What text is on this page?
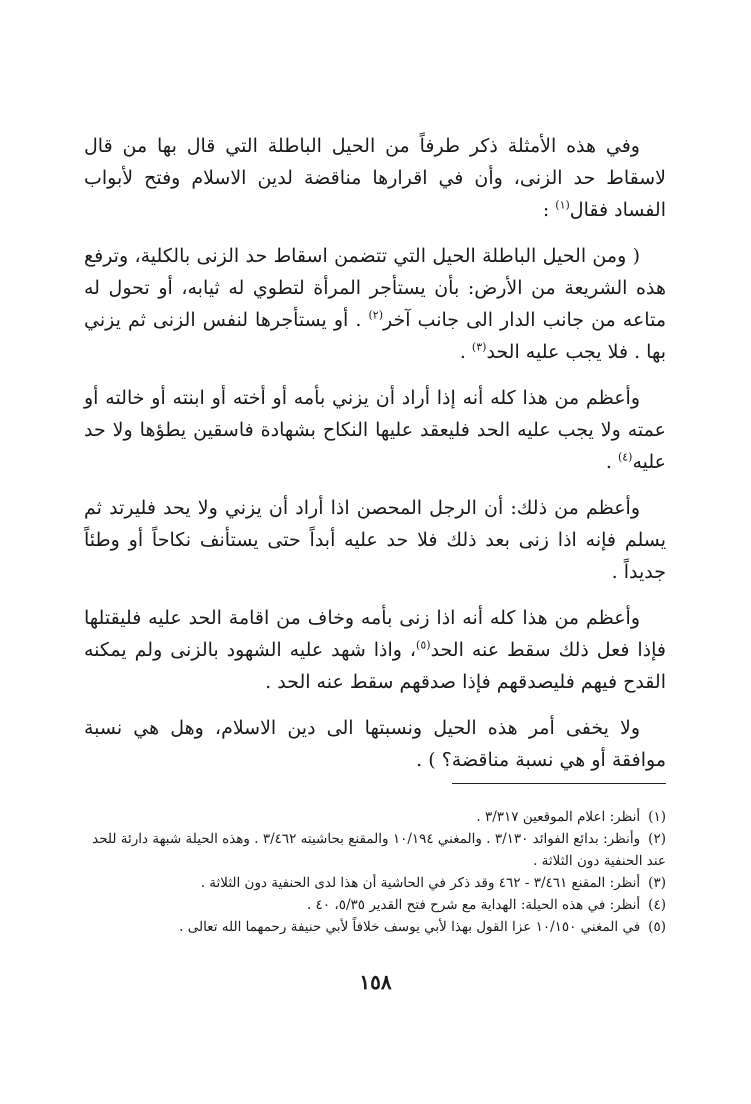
وفي هذه الأمثلة ذكر طرفاً من الحيل الباطلة التي قال بها من قال لاسقاط حد الزنى، وأن في اقرارها مناقضة لدين الاسلام وفتح لأبواب الفساد فقال$^{(١)}$ :

( ومن الحيل الباطلة الحيل التي تتضمن اسقاط حد الزنى بالكلية، وترفع هذه الشريعة من الأرض: بأن يستأجر المرأة لتطوي له ثيابه، أو تحول له متاعه من جانب الدار الى جانب آخر$^{(٢)}$ . أو يستأجرها لنفس الزنى ثم يزني بها . فلا يجب عليه الحد$^{(٣)}$ .

وأعظم من هذا كله أنه إذا أراد أن يزني بأمه أو أخته أو ابنته أو خالته أو عمته ولا يجب عليه الحد فليعقد عليها النكاح بشهادة فاسقين يطؤها ولا حد عليه$^{(٤)}$ .

وأعظم من ذلك: أن الرجل المحصن اذا أراد أن يزني ولا يحد فليرتد ثم يسلم فإنه اذا زنى بعد ذلك فلا حد عليه أبداً حتى يستأنف نكاحاً أو وطئاً جديداً .

وأعظم من هذا كله أنه اذا زنى بأمه وخاف من اقامة الحد عليه فليقتلها فإذا فعل ذلك سقط عنه الحد$^{(٥)}$، واذا شهد عليه الشهود بالزنى ولم يمكنه القدح فيهم فليصدقهم فإذا صدقهم سقط عنه الحد .

ولا يخفى أمر هذه الحيل ونسبتها الى دين الاسلام، وهل هي نسبة موافقة أو هي نسبة مناقضة؟ ) .

(١)أنظر: اعلام الموقعين ٣/٣١٧ .

(٢)وأنظر: بدائع الفوائد ٣/١٣٠ . والمغني ١٠/١٩٤ والمقنع بحاشيته ٣/٤٦٢ . وهذه الحيلة شبهة دارئة للحد عند الحنفية دون الثلاثة .

(٣)أنظر: المقنع ٣/٤٦١ - ٤٦٢ وقد ذكر في الحاشية أن هذا لدى الحنفية دون الثلاثة .

(٤)أنظر: في هذه الحيلة: الهداية مع شرح فتح القدير ٥/٣٥، ٤٠ .

(٥)في المغني ١٠/١٥٠ عزا القول بهذا لأبي يوسف خلافاً لأبي حنيفة رحمهما الله تعالى .

١٥٨
